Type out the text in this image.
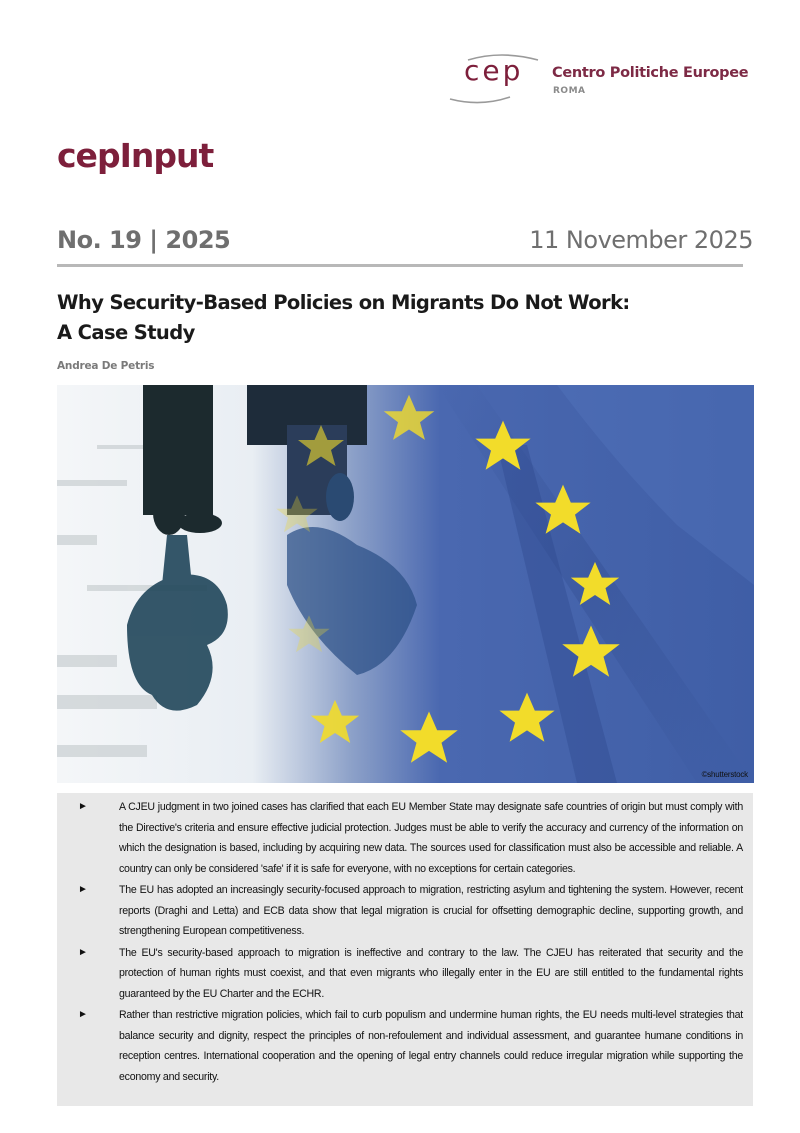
cep Centro Politiche Europee
ROMA
cepInput
No. 19 | 2025	11 November 2025
Why Security-Based Policies on Migrants Do Not Work:
A Case Study
Andrea De Petris
©shutterstock
►	A CJEU judgment in two joined cases has clarified that each EU Member State may designate safe countries of origin but must comply with the Directive's criteria and ensure effective judicial protection. Judges must be able to verify the accuracy and currency of the information on which the designation is based, including by acquiring new data. The sources used for classification must also be accessible and reliable. A country can only be considered 'safe' if it is safe for everyone, with no exceptions for certain categories.
►	The EU has adopted an increasingly security-focused approach to migration, restricting asylum and tightening the system. However, recent reports (Draghi and Letta) and ECB data show that legal migration is crucial for offsetting demographic decline, supporting growth, and strengthening European competitiveness.
►	The EU's security-based approach to migration is ineffective and contrary to the law. The CJEU has reiterated that security and the protection of human rights must coexist, and that even migrants who illegally enter in the EU are still entitled to the fundamental rights guaranteed by the EU Charter and the ECHR.
►	Rather than restrictive migration policies, which fail to curb populism and undermine human rights, the EU needs multi-level strategies that balance security and dignity, respect the principles of non-refoulement and individual assessment, and guarantee humane conditions in reception centres. International cooperation and the opening of legal entry channels could reduce irregular migration while supporting the economy and security.
